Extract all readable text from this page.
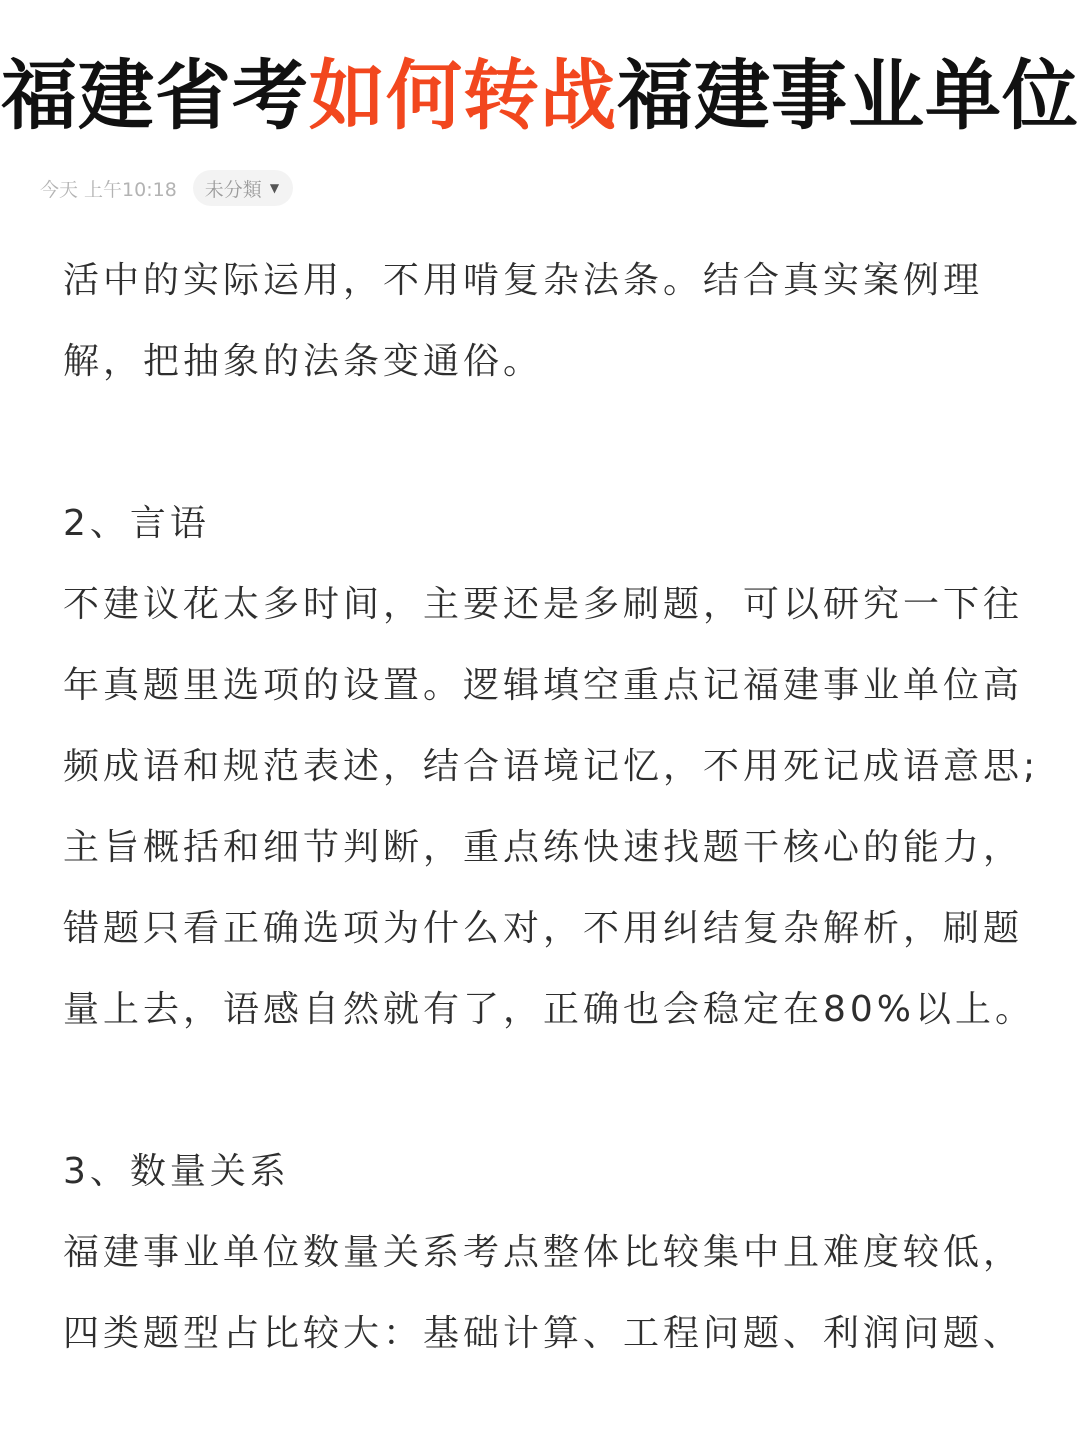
福建省考如何转战福建事业单位
今天 上午10:18 未分類 ▼
活中的实际运用，不用啃复杂法条。结合真实案例理
解，把抽象的法条变通俗。
2、言语
不建议花太多时间，主要还是多刷题，可以研究一下往
年真题里选项的设置。逻辑填空重点记福建事业单位高
频成语和规范表述，结合语境记忆，不用死记成语意思;
主旨概括和细节判断，重点练快速找题干核心的能力，
错题只看正确选项为什么对，不用纠结复杂解析，刷题
量上去，语感自然就有了，正确也会稳定在80%以上。
3、数量关系
福建事业单位数量关系考点整体比较集中且难度较低，
四类题型占比较大：基础计算、工程问题、利润问题、
